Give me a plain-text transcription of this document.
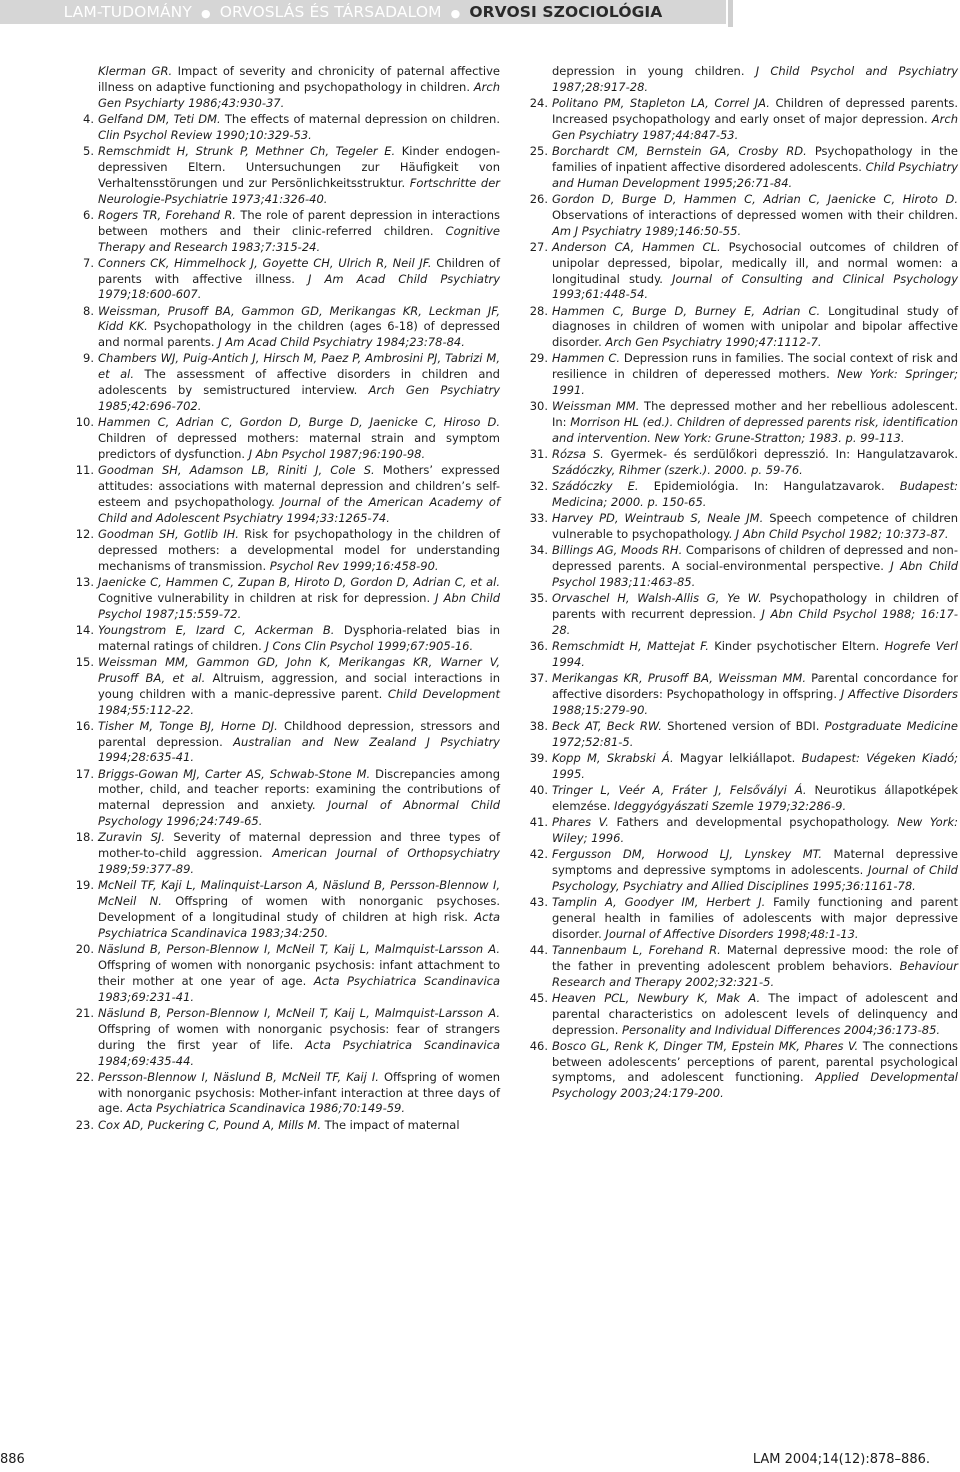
LAM-TUDOMÁNY ● ORVOSLÁS ÉS TÁRSADALOM ● ORVOSI SZOCIOLÓGIA
Klerman GR. Impact of severity and chronicity of paternal affective illness on adaptive functioning and psychopathology in children. Arch Gen Psychiarty 1986;43:930-37.
4. Gelfand DM, Teti DM. The effects of maternal depression on children. Clin Psychol Review 1990;10:329-53.
5. Remschmidt H, Strunk P, Methner Ch, Tegeler E. Kinder endogen-depressiven Eltern. Untersuchungen zur Häufigkeit von Verhaltensstörungen und zur Persönlichkeitsstruktur. Fortschritte der Neurologie-Psychiatrie 1973;41:326-40.
6. Rogers TR, Forehand R. The role of parent depression in interactions between mothers and their clinic-referred children. Cognitive Therapy and Research 1983;7:315-24.
7. Conners CK, Himmelhock J, Goyette CH, Ulrich R, Neil JF. Children of parents with affective illness. J Am Acad Child Psychiatry 1979;18:600-607.
8. Weissman, Prusoff BA, Gammon GD, Merikangas KR, Leckman JF, Kidd KK. Psychopathology in the children (ages 6-18) of depressed and normal parents. J Am Acad Child Psychiatry 1984;23:78-84.
9. Chambers WJ, Puig-Antich J, Hirsch M, Paez P, Ambrosini PJ, Tabrizi M, et al. The assessment of affective disorders in children and adolescents by semistructured interview. Arch Gen Psychiatry 1985;42:696-702.
10. Hammen C, Adrian C, Gordon D, Burge D, Jaenicke C, Hiroso D. Children of depressed mothers: maternal strain and symptom predictors of dysfunction. J Abn Psychol 1987;96:190-98.
11. Goodman SH, Adamson LB, Riniti J, Cole S. Mothers’ expressed attitudes: associations with maternal depression and children’s self-esteem and psychopathology. Journal of the American Academy of Child and Adolescent Psychiatry 1994;33:1265-74.
12. Goodman SH, Gotlib IH. Risk for psychopathology in the children of depressed mothers: a developmental model for understanding mechanisms of transmission. Psychol Rev 1999;16:458-90.
13. Jaenicke C, Hammen C, Zupan B, Hiroto D, Gordon D, Adrian C, et al. Cognitive vulnerability in children at risk for depression. J Abn Child Psychol 1987;15:559-72.
14. Youngstrom E, Izard C, Ackerman B. Dysphoria-related bias in maternal ratings of children. J Cons Clin Psychol 1999;67:905-16.
15. Weissman MM, Gammon GD, John K, Merikangas KR, Warner V, Prusoff BA, et al. Altruism, aggression, and social interactions in young children with a manic-depressive parent. Child Development 1984;55:112-22.
16. Tisher M, Tonge BJ, Horne DJ. Childhood depression, stressors and parental depression. Australian and New Zealand J Psychiatry 1994;28:635-41.
17. Briggs-Gowan MJ, Carter AS, Schwab-Stone M. Discrepancies among mother, child, and teacher reports: examining the contributions of maternal depression and anxiety. Journal of Abnormal Child Psychology 1996;24:749-65.
18. Zuravin SJ. Severity of maternal depression and three types of mother-to-child aggression. American Journal of Orthopsychiatry 1989;59:377-89.
19. McNeil TF, Kaji L, Malinquist-Larson A, Näslund B, Persson-Blennow I, McNeil N. Offspring of women with nonorganic psychoses. Development of a longitudinal study of children at high risk. Acta Psychiatrica Scandinavica 1983;34:250.
20. Näslund B, Person-Blennow I, McNeil T, Kaij L, Malmquist-Larsson A. Offspring of women with nonorganic psychosis: infant attachment to their mother at one year of age. Acta Psychiatrica Scandinavica 1983;69:231-41.
21. Näslund B, Person-Blennow I, McNeil T, Kaij L, Malmquist-Larsson A. Offspring of women with nonorganic psychosis: fear of strangers during the first year of life. Acta Psychiatrica Scandinavica 1984;69:435-44.
22. Persson-Blennow I, Näslund B, McNeil TF, Kaij I. Offspring of women with nonorganic psychosis: Mother-infant interaction at three days of age. Acta Psychiatrica Scandinavica 1986;70:149-59.
23. Cox AD, Puckering C, Pound A, Mills M. The impact of maternal
depression in young children. J Child Psychol and Psychiatry 1987;28:917-28.
24. Politano PM, Stapleton LA, Correl JA. Children of depressed parents. Increased psychopathology and early onset of major depression. Arch Gen Psychiatry 1987;44:847-53.
25. Borchardt CM, Bernstein GA, Crosby RD. Psychopathology in the families of inpatient affective disordered adolescents. Child Psychiatry and Human Development 1995;26:71-84.
26. Gordon D, Burge D, Hammen C, Adrian C, Jaenicke C, Hiroto D. Observations of interactions of depressed women with their children. Am J Psychiatry 1989;146:50-55.
27. Anderson CA, Hammen CL. Psychosocial outcomes of children of unipolar depressed, bipolar, medically ill, and normal women: a longitudinal study. Journal of Consulting and Clinical Psychology 1993;61:448-54.
28. Hammen C, Burge D, Burney E, Adrian C. Longitudinal study of diagnoses in children of women with unipolar and bipolar affective disorder. Arch Gen Psychiatry 1990;47:1112-7.
29. Hammen C. Depression runs in families. The social context of risk and resilience in children of deperessed mothers. New York: Springer; 1991.
30. Weissman MM. The depressed mother and her rebellious adolescent. In: Morrison HL (ed.). Children of depressed parents risk, identification and intervention. New York: Grune-Stratton; 1983. p. 99-113.
31. Rózsa S. Gyermek- és serdülőkori depresszió. In: Hangulatzavarok. Szádóczky, Rihmer (szerk.). 2000. p. 59-76.
32. Szádóczky E. Epidemiológia. In: Hangulatzavarok. Budapest: Medicina; 2000. p. 150-65.
33. Harvey PD, Weintraub S, Neale JM. Speech competence of children vulnerable to psychopathology. J Abn Child Psychol 1982; 10:373-87.
34. Billings AG, Moods RH. Comparisons of children of depressed and non-depressed parents. A social-environmental perspective. J Abn Child Psychol 1983;11:463-85.
35. Orvaschel H, Walsh-Allis G, Ye W. Psychopathology in children of parents with recurrent depression. J Abn Child Psychol 1988; 16:17-28.
36. Remschmidt H, Mattejat F. Kinder psychotischer Eltern. Hogrefe Verl 1994.
37. Merikangas KR, Prusoff BA, Weissman MM. Parental concordance for affective disorders: Psychopathology in offspring. J Affective Disorders 1988;15:279-90.
38. Beck AT, Beck RW. Shortened version of BDI. Postgraduate Medicine 1972;52:81-5.
39. Kopp M, Skrabski Á. Magyar lelkiállapot. Budapest: Végeken Kiadó; 1995.
40. Tringer L, Veér A, Fráter J, Felsővályi Á. Neurotikus állapotképek elemzése. Ideggyógyászati Szemle 1979;32:286-9.
41. Phares V. Fathers and developmental psychopathology. New York: Wiley; 1996.
42. Fergusson DM, Horwood LJ, Lynskey MT. Maternal depressive symptoms and depressive symptoms in adolescents. Journal of Child Psychology, Psychiatry and Allied Disciplines 1995;36:1161-78.
43. Tamplin A, Goodyer IM, Herbert J. Family functioning and parent general health in families of adolescents with major depressive disorder. Journal of Affective Disorders 1998;48:1-13.
44. Tannenbaum L, Forehand R. Maternal depressive mood: the role of the father in preventing adolescent problem behaviors. Behaviour Research and Therapy 2002;32:321-5.
45. Heaven PCL, Newbury K, Mak A. The impact of adolescent and parental characteristics on adolescent levels of delinquency and depression. Personality and Individual Differences 2004;36:173-85.
46. Bosco GL, Renk K, Dinger TM, Epstein MK, Phares V. The connections between adolescents’ perceptions of parent, parental psychological symptoms, and adolescent functioning. Applied Developmental Psychology 2003;24:179-200.
886	LAM 2004;14(12):878–886.
